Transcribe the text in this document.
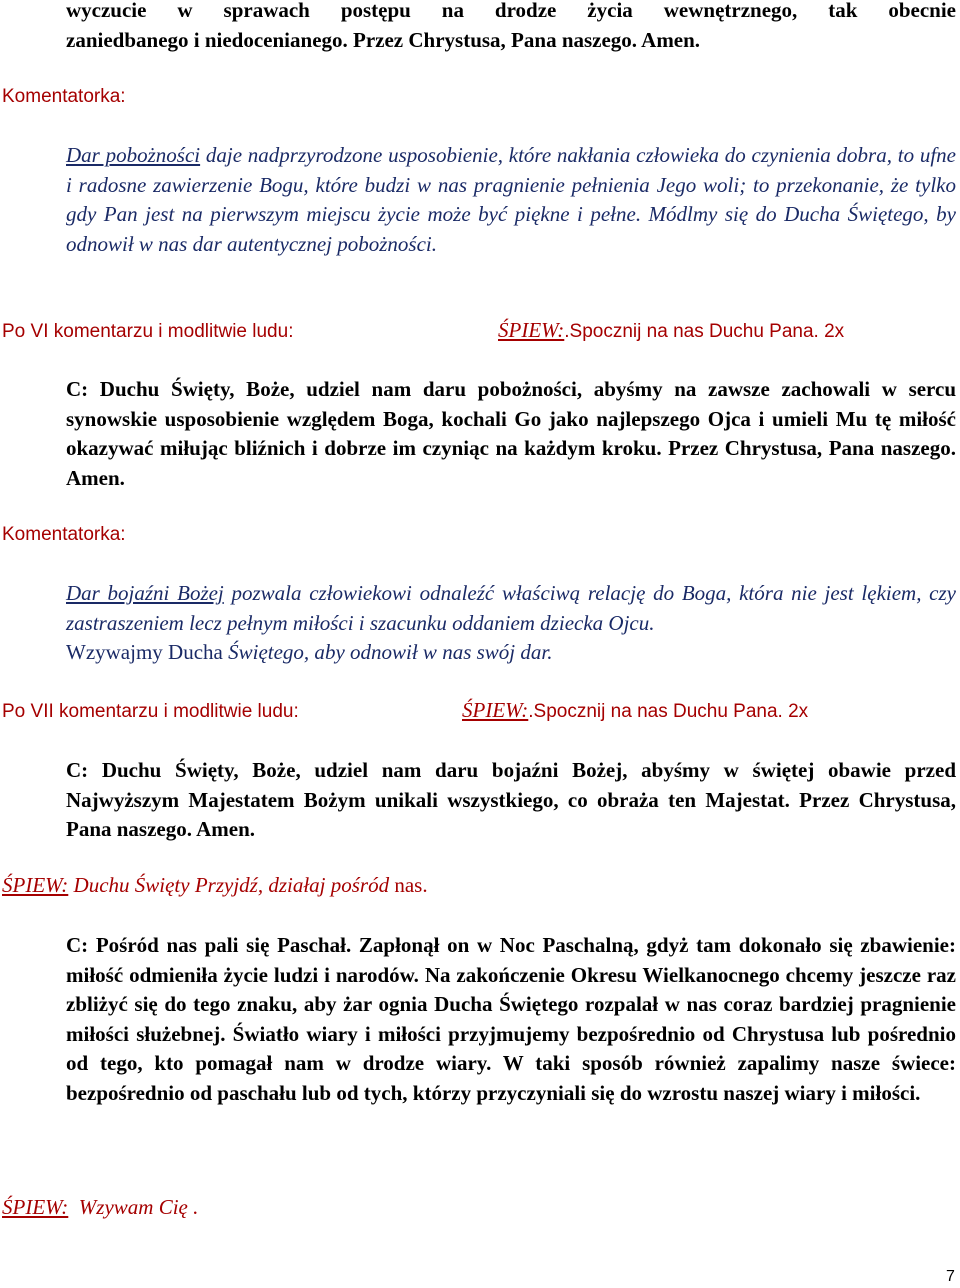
wyczucie w sprawach postępu na drodze życia wewnętrznego, tak obecnie
zaniedbanego i niedocenianego. Przez Chrystusa, Pana naszego. Amen.
Komentatorka:
Dar pobożności daje nadprzyrodzone usposobienie, które nakłania człowieka do czynienia dobra, to ufne i radosne zawierzenie Bogu, które budzi w nas pragnienie pełnienia Jego woli; to przekonanie, że tylko gdy Pan jest na pierwszym miejscu życie może być piękne i pełne. Módlmy się do Ducha Świętego, by odnowił w nas dar autentycznej pobożności.
Po VI komentarzu i modlitwie ludu:	ŚPIEW:.Spocznij na nas Duchu Pana. 2x
C: Duchu Święty, Boże, udziel nam daru pobożności, abyśmy na zawsze zachowali w sercu synowskie usposobienie względem Boga, kochali Go jako najlepszego Ojca i umieli Mu tę miłość okazywać miłując bliźnich i dobrze im czyniąc na każdym kroku. Przez Chrystusa, Pana naszego. Amen.
Komentatorka:
Dar bojaźni Bożej pozwala człowiekowi odnaleźć właściwą relację do Boga, która nie jest lękiem, czy zastraszeniem lecz pełnym miłości i szacunku oddaniem dziecka Ojcu.
Wzywajmy Ducha Świętego, aby odnowił w nas swój dar.
Po VII komentarzu i modlitwie ludu:	ŚPIEW:.Spocznij na nas Duchu Pana. 2x
C: Duchu Święty, Boże, udziel nam daru bojaźni Bożej, abyśmy w świętej obawie przed Najwyższym Majestatem Bożym unikali wszystkiego, co obraża ten Majestat. Przez Chrystusa, Pana naszego. Amen.
ŚPIEW: Duchu Święty Przyjdź, działaj pośród nas.
C: Pośród nas pali się Paschał. Zapłonął on w Noc Paschalną, gdyż tam dokonało się zbawienie: miłość odmieniła życie ludzi i narodów. Na zakończenie Okresu Wielkanocnego chcemy jeszcze raz zbliżyć się do tego znaku, aby żar ognia Ducha Świętego rozpalał w nas coraz bardziej pragnienie miłości służebnej. Światło wiary i miłości przyjmujemy bezpośrednio od Chrystusa lub pośrednio od tego, kto pomagał nam w drodze wiary. W taki sposób również zapalimy nasze świece: bezpośrednio od paschału lub od tych, którzy przyczyniali się do wzrostu naszej wiary i miłości.
ŚPIEW:  Wzywam Cię .
7
